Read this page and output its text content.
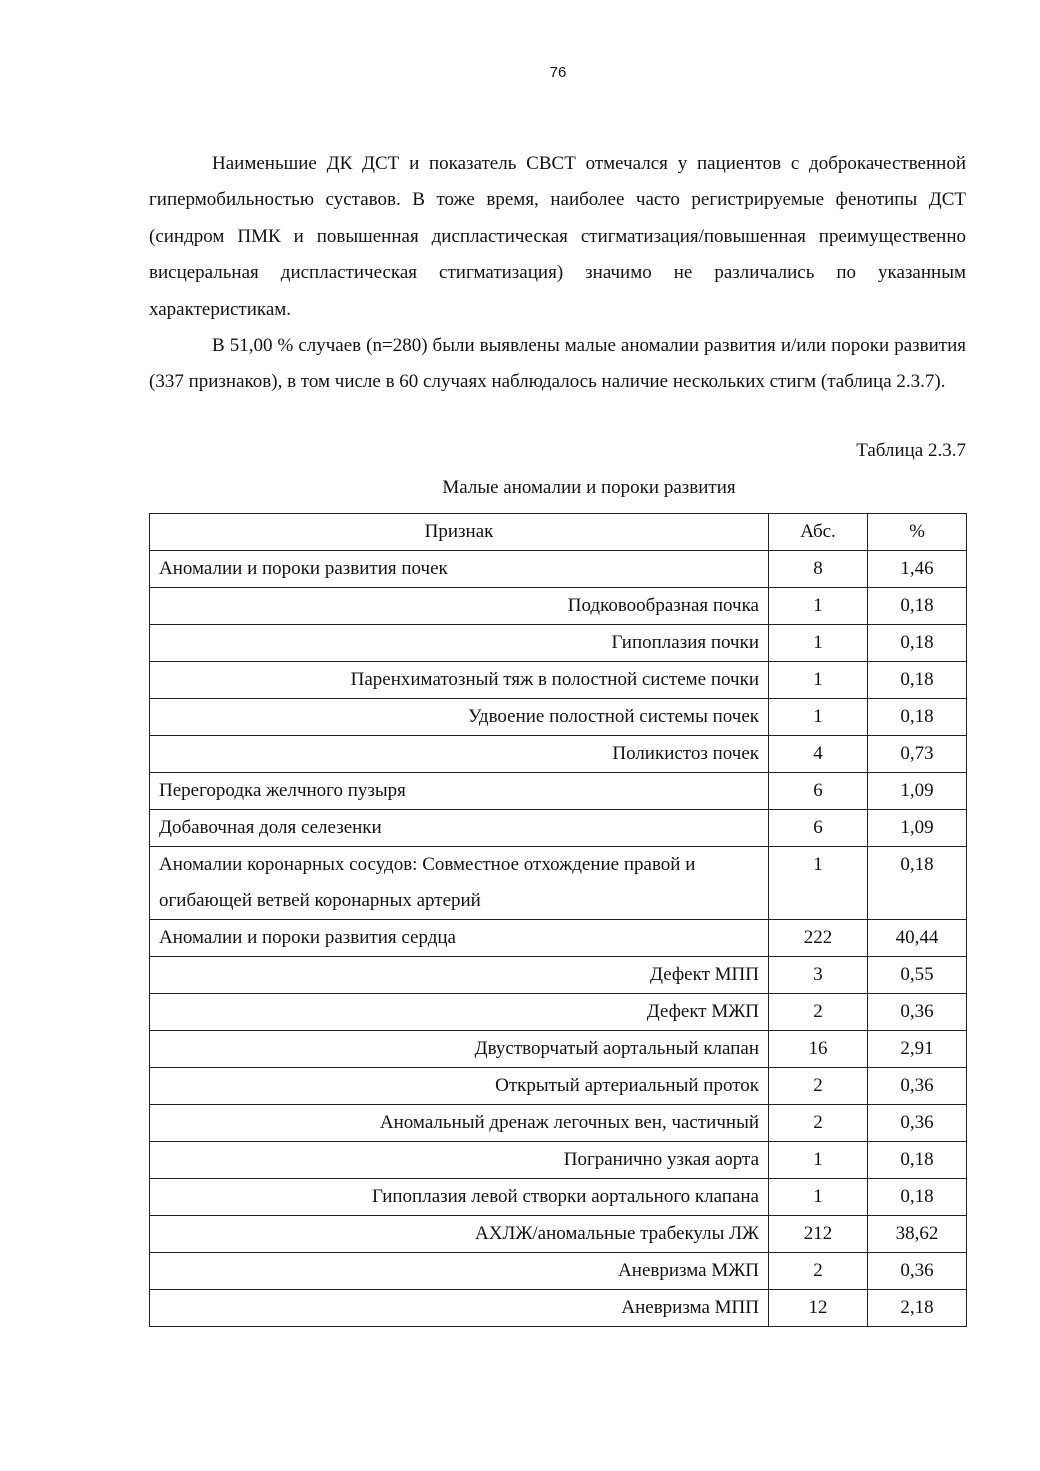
76

Наименьшие ДК ДСТ и показатель СВСТ отмечался у пациентов с доброкачественной гипермобильностью суставов. В тоже время, наиболее часто регистрируемые фенотипы ДСТ (синдром ПМК и повышенная диспластическая стигматизация/повышенная преимущественно висцеральная диспластическая стигматизация) значимо не различались по указанным характеристикам.

В 51,00 % случаев (n=280) были выявлены малые аномалии развития и/или пороки развития (337 признаков), в том числе в 60 случаях наблюдалось наличие нескольких стигм (таблица 2.3.7).

Таблица 2.3.7
Малые аномалии и пороки развития
Признак	Абс.	%
Аномалии и пороки развития почек	8	1,46
Подковообразная почка	1	0,18
Гипоплазия почки	1	0,18
Паренхиматозный тяж в полостной системе почки	1	0,18
Удвоение полостной системы почек	1	0,18
Поликистоз почек	4	0,73
Перегородка желчного пузыря	6	1,09
Добавочная доля селезенки	6	1,09
Аномалии коронарных сосудов: Совместное отхождение правой и огибающей ветвей коронарных артерий	1	0,18
Аномалии и пороки развития сердца	222	40,44
Дефект МПП	3	0,55
Дефект МЖП	2	0,36
Двустворчатый аортальный клапан	16	2,91
Открытый артериальный проток	2	0,36
Аномальный дренаж легочных вен, частичный	2	0,36
Погранично узкая аорта	1	0,18
Гипоплазия левой створки аортального клапана	1	0,18
АХЛЖ/аномальные трабекулы ЛЖ	212	38,62
Аневризма МЖП	2	0,36
Аневризма МПП	12	2,18
